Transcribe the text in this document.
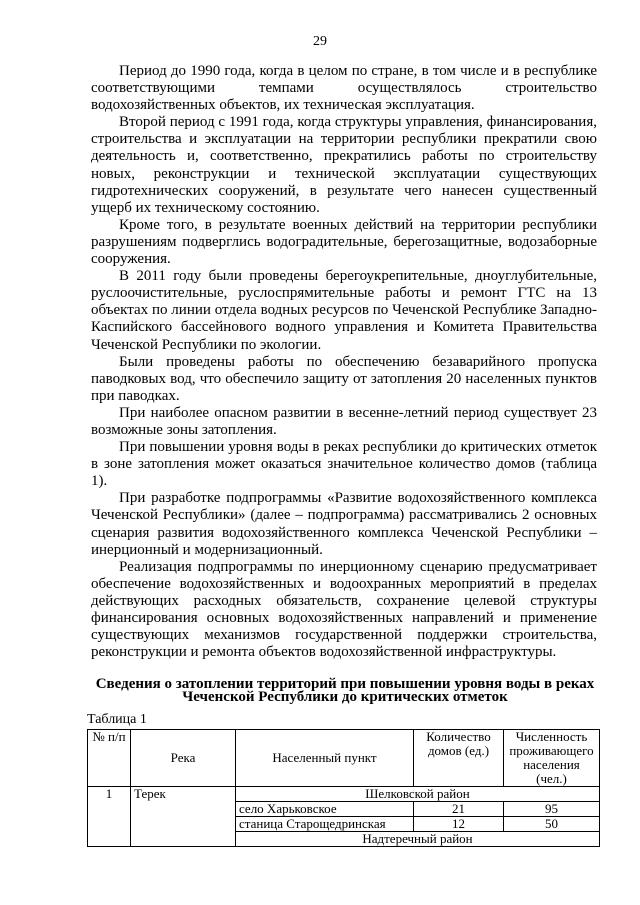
29

Период до 1990 года, когда в целом по стране, в том числе и в республике соответствующими темпами осуществлялось строительство водохозяйственных объектов, их техническая эксплуатация.

Второй период с 1991 года, когда структуры управления, финансирования, строительства и эксплуатации на территории республики прекратили свою деятельность и, соответственно, прекратились работы по строительству новых, реконструкции и технической эксплуатации существующих гидротехнических сооружений, в результате чего нанесен существенный ущерб их техническому состоянию.

Кроме того, в результате военных действий на территории республики разрушениям подверглись водоградительные, берегозащитные, водозаборные сооружения.

В 2011 году были проведены берегоукрепительные, дноуглубительные, руслоочистительные, руслоспрямительные работы и ремонт ГТС на 13 объектах по линии отдела водных ресурсов по Чеченской Республике Западно-Каспийского бассейнового водного управления и Комитета Правительства Чеченской Республики по экологии.

Были проведены работы по обеспечению безаварийного пропуска паводковых вод, что обеспечило защиту от затопления 20 населенных пунктов при паводках.

При наиболее опасном развитии в весенне-летний период существует 23 возможные зоны затопления.

При повышении уровня воды в реках республики до критических отметок в зоне затопления может оказаться значительное количество домов (таблица 1).

При разработке подпрограммы «Развитие водохозяйственного комплекса Чеченской Республики» (далее – подпрограмма) рассматривались 2 основных сценария развития водохозяйственного комплекса Чеченской Республики – инерционный и модернизационный.

Реализация подпрограммы по инерционному сценарию предусматривает обеспечение водохозяйственных и водоохранных мероприятий в пределах действующих расходных обязательств, сохранение целевой структуры финансирования основных водохозяйственных направлений и применение существующих механизмов государственной поддержки строительства, реконструкции и ремонта объектов водохозяйственной инфраструктуры.

Сведения о затоплении территорий при повышении уровня воды в реках
Чеченской Республики до критических отметок
Таблица 1
№ п/п	Река	Населенный пункт	Количество домов (ед.)	Численность проживающего населения (чел.)
1	Терек	Шелковской район		
		село Харьковское	21	95
		станица Старощедринская	12	50
		Надтеречный район		
